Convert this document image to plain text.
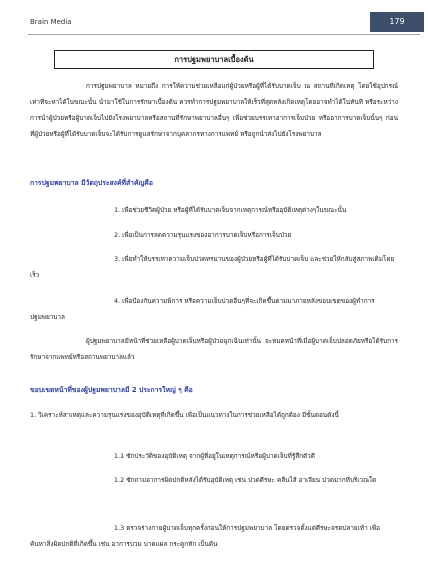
Brain Media	179
การปฐมพยาบาลเบื้องต้น
การปฐมพยาบาล หมายถึง การให้ความช่วยเหลือแก่ผู้ป่วยหรือผู้ที่ได้รับบาดเจ็บ ณ สถานที่เกิดเหตุ โดยใช้อุปกรณ์เท่าที่จะหาได้ในขณะนั้น นำมาใช้ในการรักษาเบื้องต้น ควรทำการปฐมพยาบาลให้เร็วที่สุดหลังเกิดเหตุโดยอาจทำได้ในทันที หรือระหว่างการนำผู้ป่วยหรือผู้บาดเจ็บไปยังโรงพยาบาลหรือสถานที่รักษาพยาบาลอื่นๆ เพื่อช่วยบรรเทาอาการเจ็บป่วย หรืออาการบาดเจ็บนั้นๆ ก่อนที่ผู้ป่วยหรือผู้ที่ได้รับบาดเจ็บจะได้รับการดูแลรักษาจากบุคลากรทางการแพทย์ หรือถูกนำส่งไปยังโรงพยาบาล
การปฐมพยาบาล มีวัตถุประสงค์ที่สำคัญคือ
1. เพื่อช่วยชีวิตผู้ป่วย หรือผู้ที่ได้รับบาดเจ็บจากเหตุการณ์หรืออุบัติเหตุต่างๆในขณะนั้น
2. เพื่อเป็นการลดความรุนแรงของอาการบาดเจ็บหรือการเจ็บป่วย
3. เพื่อทำให้บรรเทาความเจ็บปวดทรมานของผู้ป่วยหรือผู้ที่ได้รับบาดเจ็บ และช่วยให้กลับสู่สภาพเดิมโดยเร็ว
4. เพื่อป้องกันความพิการ หรือความเจ็บปวดอื่นๆที่จะเกิดขึ้นตามมาภายหลังขอบเขตของผู้ทำการปฐมพยาบาล
ผู้ปฐมพยาบาลมีหน้าที่ช่วยเหลือผู้บาดเจ็บหรือผู้ป่วยฉุกเฉินเท่านั้น จะหมดหน้าที่เมื่อผู้บาดเจ็บปลอดภัยหรือได้รับการรักษาจากแพทย์หรือสถานพยาบาลแล้ว
ขอบเขตหน้าที่ของผู้ปฐมพยาบาลมี 2 ประการใหญ่ ๆ คือ
1. วิเคราะห์สาเหตุและความรุนแรงของอุบัติเหตุที่เกิดขึ้น เพื่อเป็นแนวทางในการช่วยเหลือได้ถูกต้อง มีขั้นตอนดังนี้
1.1 ซักประวัติของอุบัติเหตุ จากผู้ที่อยู่ในเหตุการณ์หรือผู้บาดเจ็บที่รู้สึกตัวดี
1.2 ซักถามอาการผิดปกติหลังได้รับอุบัติเหตุ เช่น ปวดศีรษะ คลื่นไส้ อาเจียน ปวดมากที่บริเวณใด
1.3 ตรวจร่างกายผู้บาดเจ็บทุกครั้งก่อนให้การปฐมพยาบาล โดยตรวจตั้งแต่ศีรษะจรดปลายเท้า เพื่อค้นหาสิ่งผิดปกติที่เกิดขึ้น เช่น อาการบวม บาดแผล กระดูกหัก เป็นต้น
